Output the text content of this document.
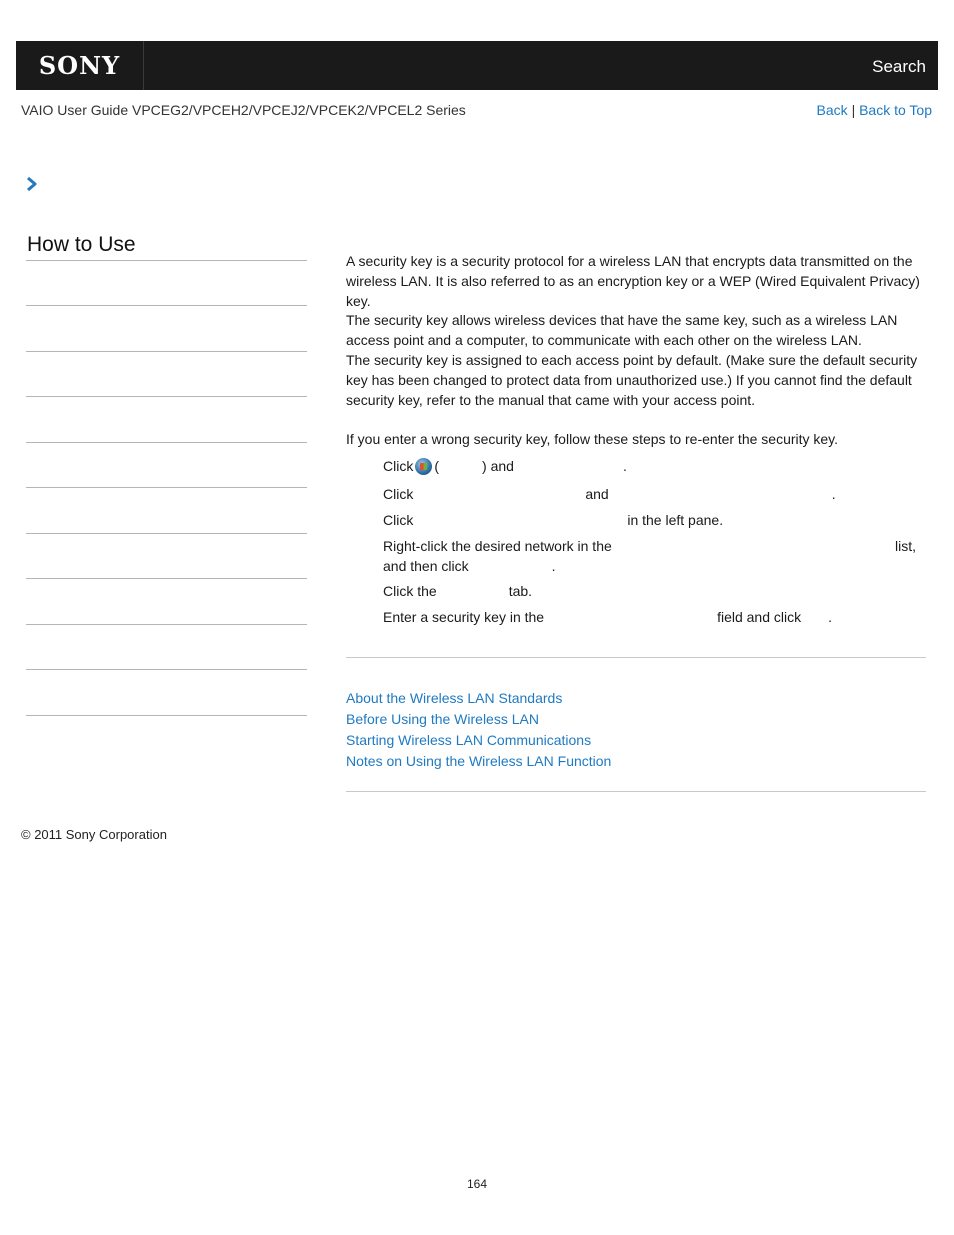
SONY	Search
VAIO User Guide VPCEG2/VPCEH2/VPCEJ2/VPCEK2/VPCEL2 Series	Back | Back to Top
How to Use

A security key is a security protocol for a wireless LAN that encrypts data transmitted on the wireless LAN. It is also referred to as an encryption key or a WEP (Wired Equivalent Privacy) key.

The security key allows wireless devices that have the same key, such as a wireless LAN access point and a computer, to communicate with each other on the wireless LAN.

The security key is assigned to each access point by default. (Make sure the default security key has been changed to protect data from unauthorized use.) If you cannot find the default security key, refer to the manual that came with your access point.

If you enter a wrong security key, follow these steps to re-enter the security key.
Click (	) and	.
Click	and	.
Click	in the left pane.
Right-click the desired network in the	list,

and then click	.
Click the	tab.
Enter a security key in the	field and click .
About the Wireless LAN Standards
Before Using the Wireless LAN
Starting Wireless LAN Communications
Notes on Using the Wireless LAN Function
© 2011 Sony Corporation
164
